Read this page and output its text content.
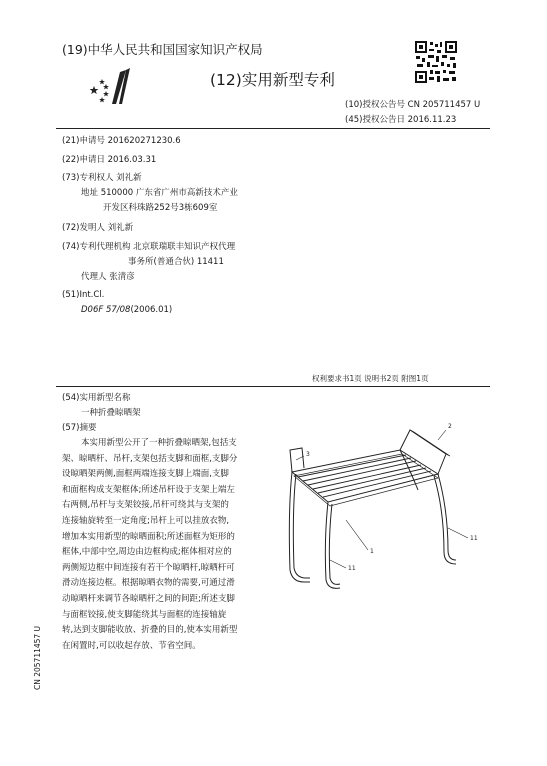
(19)中华人民共和国国家知识产权局
(12)实用新型专利
(10)授权公告号 CN 205711457 U
(45)授权公告日 2016.11.23
(21)申请号 201620271230.6
(22)申请日 2016.03.31
(73)专利权人 刘礼新
地址 510000 广东省广州市高新技术产业
开发区科珠路252号3栋609室
(72)发明人 刘礼新
(74)专利代理机构 北京联瑞联丰知识产权代理
事务所(普通合伙) 11411
代理人 张清彦
(51)Int.Cl.
D06F 57/08(2006.01)
权利要求书1页 说明书2页 附图1页
(54)实用新型名称
一种折叠晾晒架
(57)摘要
本实用新型公开了一种折叠晾晒架,包括支
架、晾晒杆、吊杆,支架包括支脚和面框,支脚分
设晾晒架两侧,面框两端连接支脚上端面,支脚
和面框构成支架框体;所述吊杆设于支架上端左
右两侧,吊杆与支架铰接,吊杆可绕其与支架的
连接轴旋转至一定角度;吊杆上可以挂放衣物,
增加本实用新型的晾晒面积;所述面框为矩形的
框体,中部中空,周边由边框构成;框体相对应的
两侧短边框中间连接有若干个晾晒杆,晾晒杆可
滑动连接边框。根据晾晒衣物的需要,可通过滑
动晾晒杆来调节各晾晒杆之间的间距;所述支脚
与面框铰接,使支脚能绕其与面框的连接轴旋
转,达到支脚能收放、折叠的目的,使本实用新型
在闲置时,可以收起存放、节省空间。
3
2
1
11
11
CN 205711457 U
